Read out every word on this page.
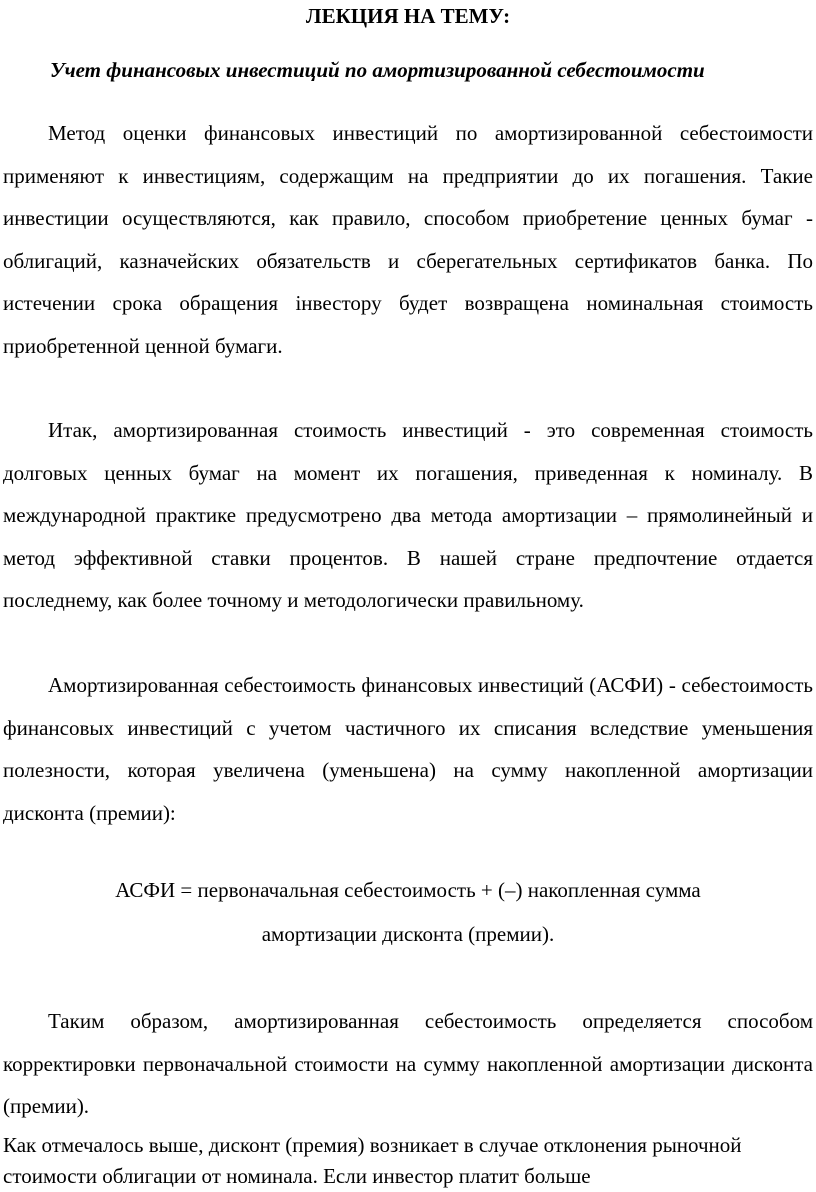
ЛЕКЦИЯ НА ТЕМУ:
Учет финансовых инвестиций по амортизированной себестоимости

Метод оценки финансовых инвестиций по амортизированной себестоимости применяют к инвестициям, содержащим на предприятии до их погашения. Такие инвестиции осуществляются, как правило, способом приобретение ценных бумаг - облигаций, казначейских обязательств и сберегательных сертификатов банка. По истечении срока обращения інвестору будет возвращена номинальная стоимость приобретенной ценной бумаги.

Итак, амортизированная стоимость инвестиций - это современная стоимость долговых ценных бумаг на момент их погашения, приведенная к номиналу. В международной практике предусмотрено два метода амортизации – прямолинейный и метод эффективной ставки процентов. В нашей стране предпочтение отдается последнему, как более точному и методологически правильному.

Амортизированная себестоимость финансовых инвестиций (АСФИ) - себестоимость финансовых инвестиций с учетом частичного их списания вследствие уменьшения полезности, которая увеличена (уменьшена) на сумму накопленной амортизации дисконта (премии):

АСФИ = первоначальная себестоимость + (–) накопленная сумма

амортизации дисконта (премии).

Таким образом, амортизированная себестоимость определяется способом корректировки первоначальной стоимости на сумму накопленной амортизации дисконта (премии).

Как отмечалось выше, дисконт (премия) возникает в случае отклонения рыночной стоимости облигации от номинала. Если инвестор платит больше
